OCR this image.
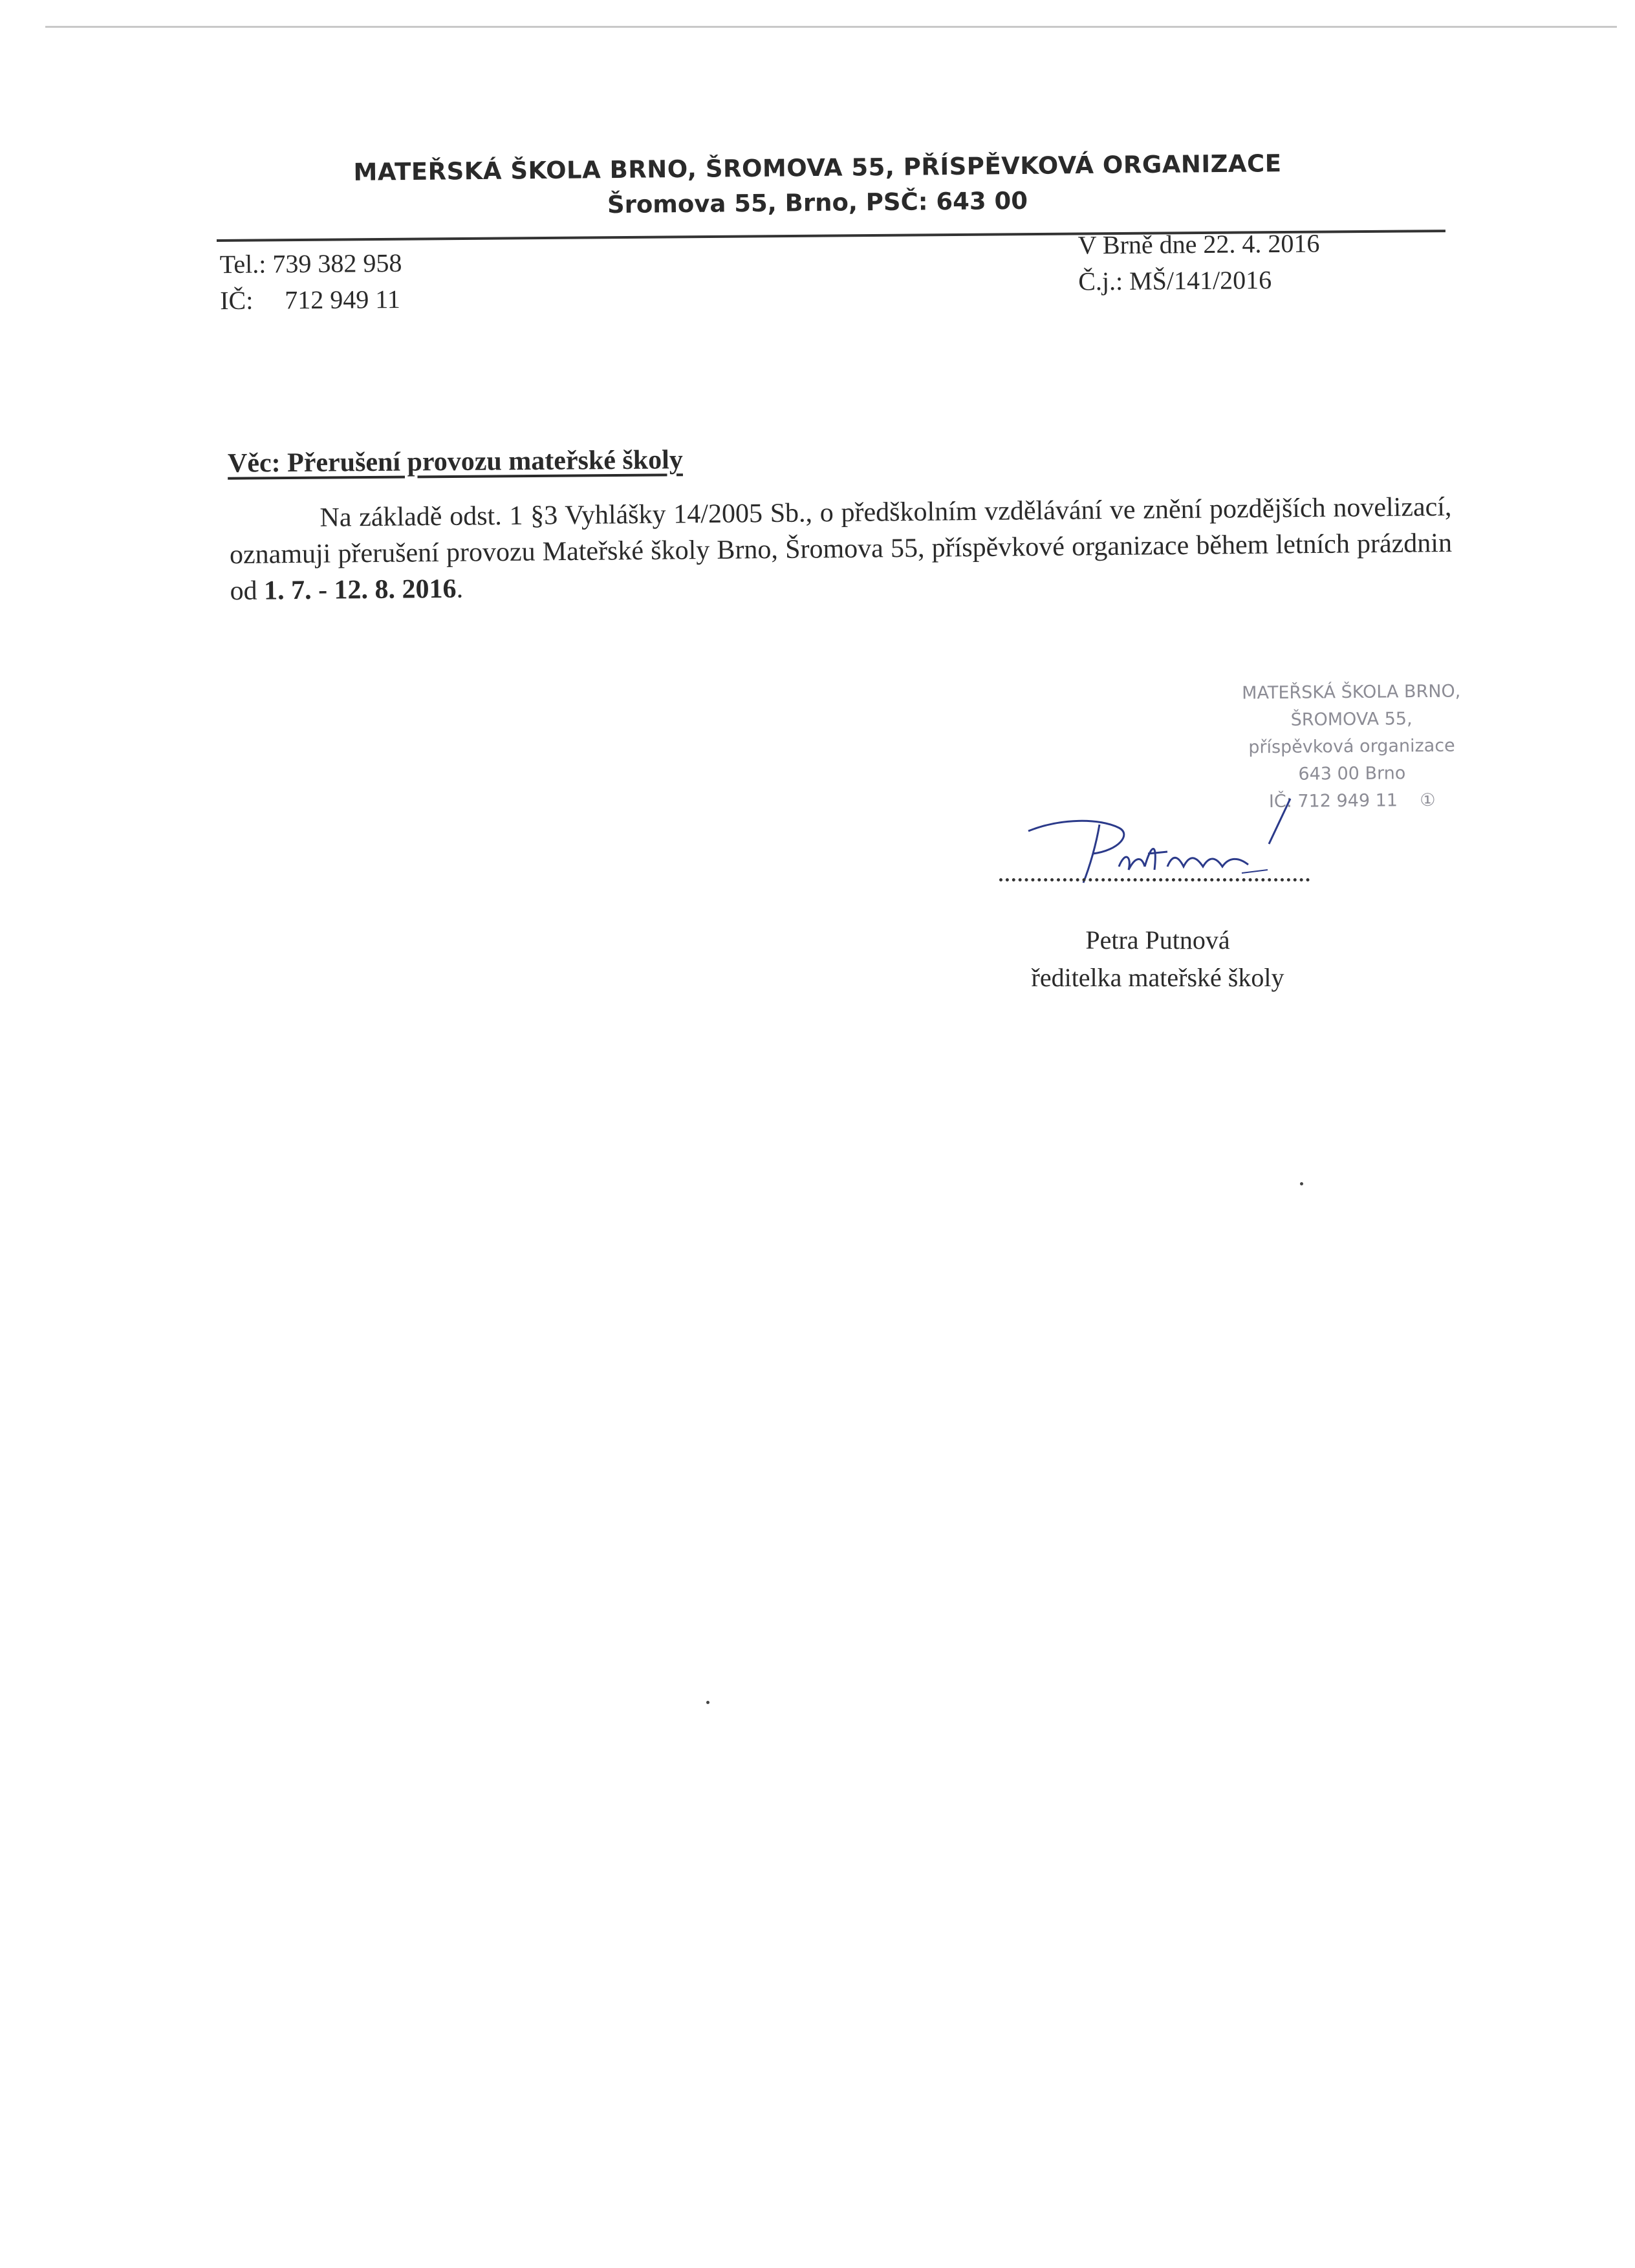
MATEŘSKÁ ŠKOLA BRNO, ŠROMOVA 55, PŘÍSPĚVKOVÁ ORGANIZACE
Šromova 55, Brno, PSČ: 643 00
Tel.: 739 382 958
IČ: 712 949 11
V Brně dne 22. 4. 2016
Č.j.: MŠ/141/2016
Věc: Přerušení provozu mateřské školy
Na základě odst. 1 §3 Vyhlášky 14/2005 Sb., o předškolním vzdělávání ve znění pozdějších novelizací, oznamuji přerušení provozu Mateřské školy Brno, Šromova 55, příspěvkové organizace během letních prázdnin od 1. 7. - 12. 8. 2016.
MATEŘSKÁ ŠKOLA BRNO,
ŠROMOVA 55,
příspěvková organizace
643 00 Brno
IČ: 712 949 11 ①
Petra Putnová
ředitelka mateřské školy
